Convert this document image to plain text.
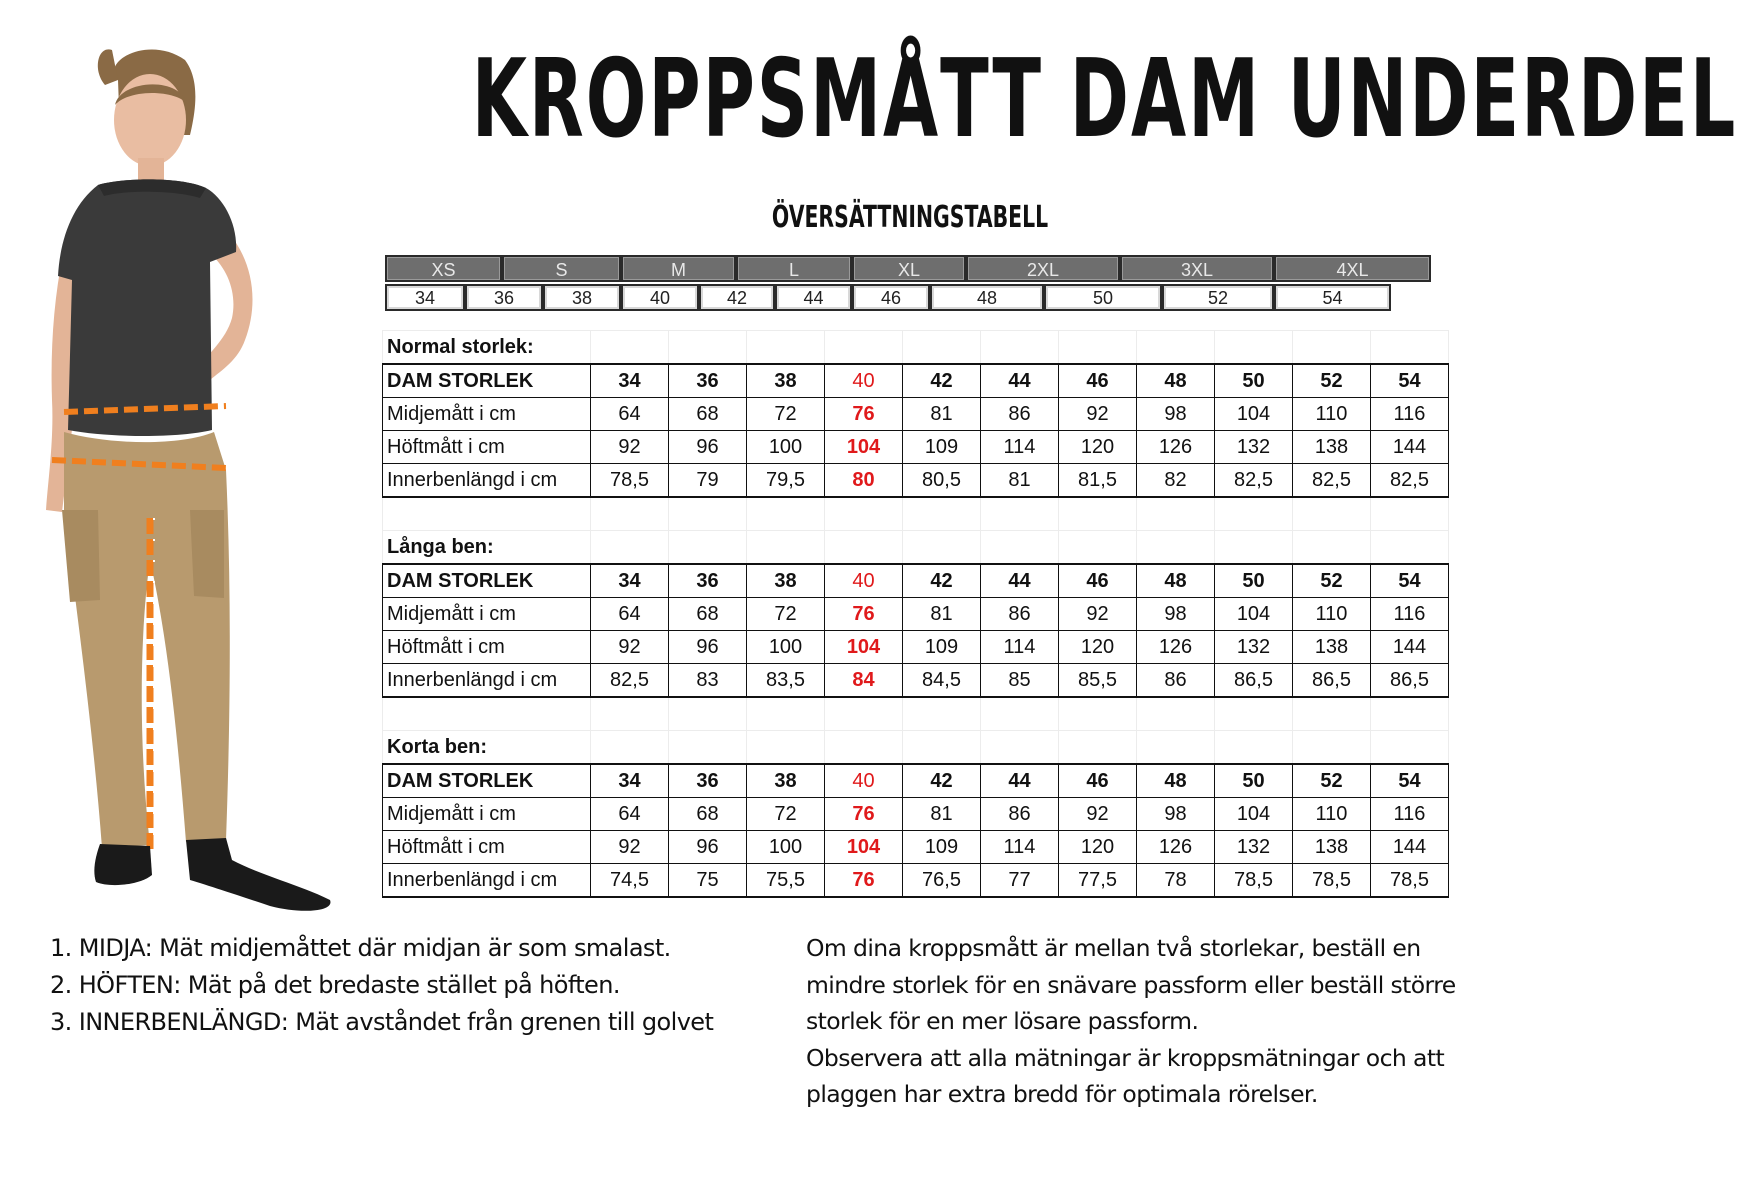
KROPPSMÅTT DAM UNDERDEL
ÖVERSÄTTNINGSTABELL
XS	S	M	L	XL	2XL	3XL	4XL
34	36	38	40	42	44	46	48	50	52	54
Normal storlek:											
DAM STORLEK	34	36	38	40	42	44	46	48	50	52	54
Midjemått i cm	64	68	72	76	81	86	92	98	104	110	116
Höftmått i cm	92	96	100	104	109	114	120	126	132	138	144
Innerbenlängd i cm	78,5	79	79,5	80	80,5	81	81,5	82	82,5	82,5	82,5

Långa ben:											
DAM STORLEK	34	36	38	40	42	44	46	48	50	52	54
Midjemått i cm	64	68	72	76	81	86	92	98	104	110	116
Höftmått i cm	92	96	100	104	109	114	120	126	132	138	144
Innerbenlängd i cm	82,5	83	83,5	84	84,5	85	85,5	86	86,5	86,5	86,5

Korta ben:											
DAM STORLEK	34	36	38	40	42	44	46	48	50	52	54
Midjemått i cm	64	68	72	76	81	86	92	98	104	110	116
Höftmått i cm	92	96	100	104	109	114	120	126	132	138	144
Innerbenlängd i cm	74,5	75	75,5	76	76,5	77	77,5	78	78,5	78,5	78,5
1. MIDJA: Mät midjemåttet där midjan är som smalast.
2. HÖFTEN: Mät på det bredaste stället på höften.
3. INNERBENLÄNGD: Mät avståndet från grenen till golvet
Om dina kroppsmått är mellan två storlekar, beställ en
mindre storlek för en snävare passform eller beställ större
storlek för en mer lösare passform.
Observera att alla mätningar är kroppsmätningar och att
plaggen har extra bredd för optimala rörelser.
